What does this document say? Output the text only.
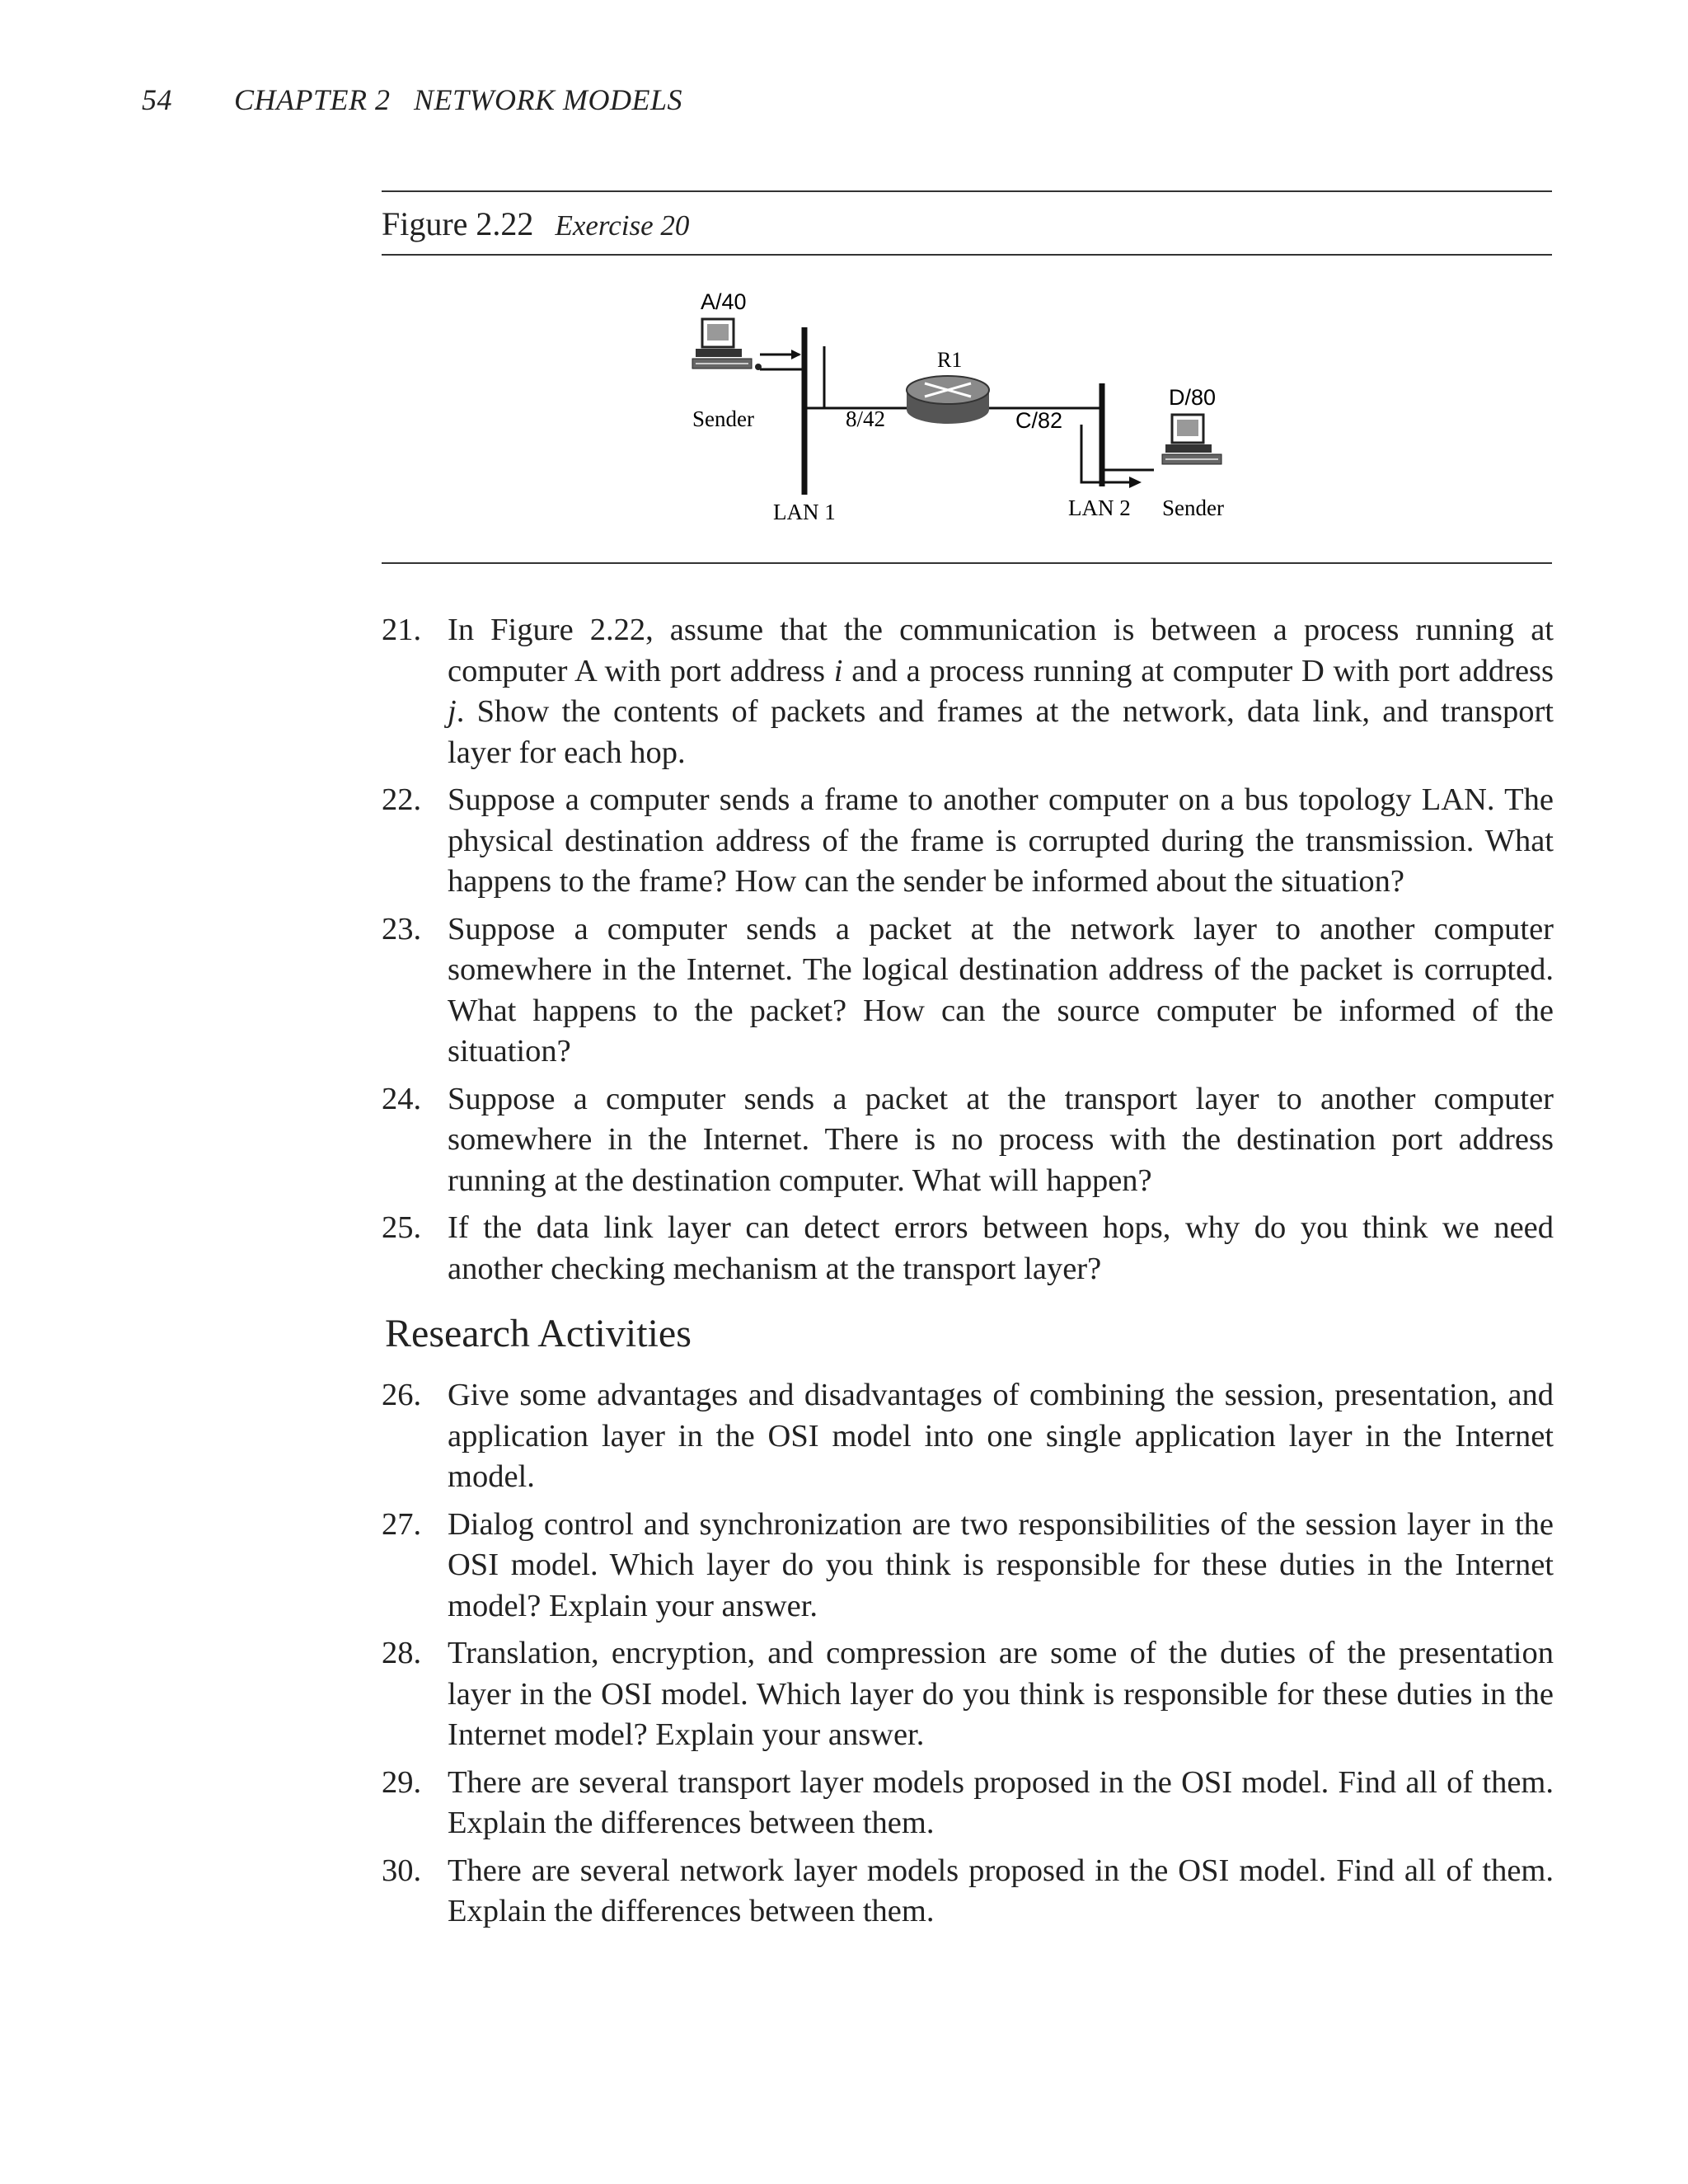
54 CHAPTER 2 NETWORK MODELS
Figure 2.22 Exercise 20
A/40
Sender	8/42
R1
C/82
D/80
LAN 1	LAN 2 Sender
21. In Figure 2.22, assume that the communication is between a process running at computer A with port address i and a process running at computer D with port address j. Show the contents of packets and frames at the network, data link, and transport layer for each hop.
22. Suppose a computer sends a frame to another computer on a bus topology LAN. The physical destination address of the frame is corrupted during the transmission. What happens to the frame? How can the sender be informed about the situation?
23. Suppose a computer sends a packet at the network layer to another computer somewhere in the Internet. The logical destination address of the packet is corrupted. What happens to the packet? How can the source computer be informed of the situation?
24. Suppose a computer sends a packet at the transport layer to another computer somewhere in the Internet. There is no process with the destination port address running at the destination computer. What will happen?
25. If the data link layer can detect errors between hops, why do you think we need another checking mechanism at the transport layer?
Research Activities
26. Give some advantages and disadvantages of combining the session, presentation, and application layer in the OSI model into one single application layer in the Internet model.
27. Dialog control and synchronization are two responsibilities of the session layer in the OSI model. Which layer do you think is responsible for these duties in the Internet model? Explain your answer.
28. Translation, encryption, and compression are some of the duties of the presentation layer in the OSI model. Which layer do you think is responsible for these duties in the Internet model? Explain your answer.
29. There are several transport layer models proposed in the OSI model. Find all of them. Explain the differences between them.
30. There are several network layer models proposed in the OSI model. Find all of them. Explain the differences between them.
